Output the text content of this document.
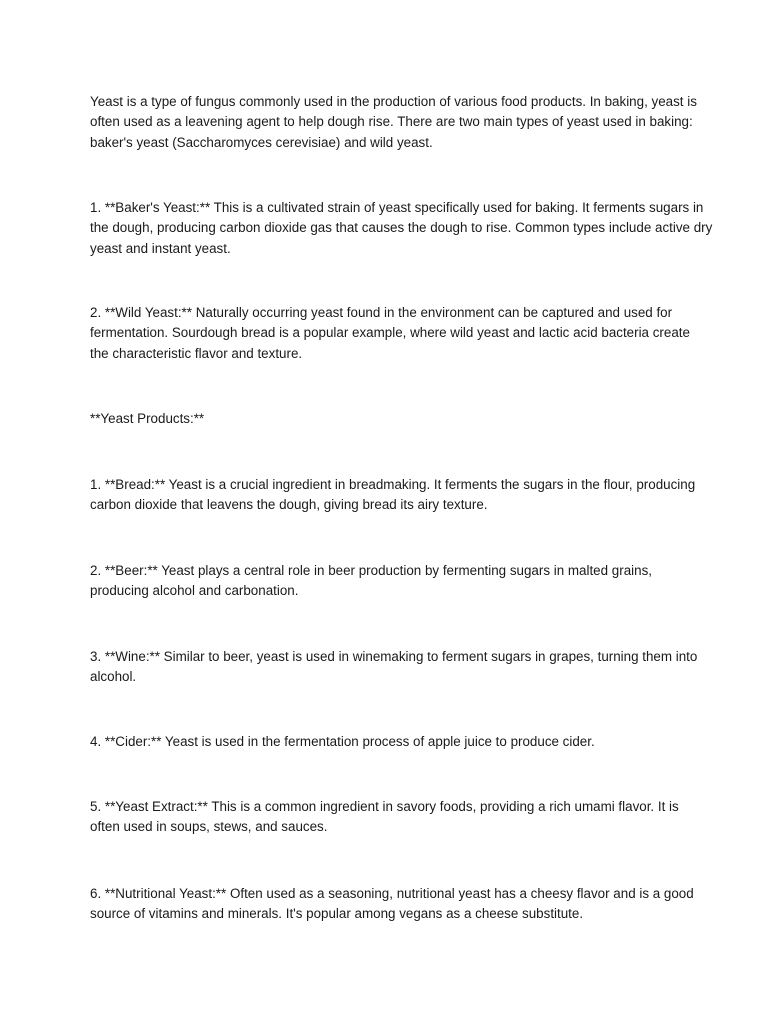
Yeast is a type of fungus commonly used in the production of various food products. In baking, yeast is
often used as a leavening agent to help dough rise. There are two main types of yeast used in baking:
baker's yeast (Saccharomyces cerevisiae) and wild yeast.

1. **Baker's Yeast:** This is a cultivated strain of yeast specifically used for baking. It ferments sugars in
the dough, producing carbon dioxide gas that causes the dough to rise. Common types include active dry
yeast and instant yeast.

2. **Wild Yeast:** Naturally occurring yeast found in the environment can be captured and used for
fermentation. Sourdough bread is a popular example, where wild yeast and lactic acid bacteria create
the characteristic flavor and texture.

**Yeast Products:**

1. **Bread:** Yeast is a crucial ingredient in breadmaking. It ferments the sugars in the flour, producing
carbon dioxide that leavens the dough, giving bread its airy texture.

2. **Beer:** Yeast plays a central role in beer production by fermenting sugars in malted grains,
producing alcohol and carbonation.

3. **Wine:** Similar to beer, yeast is used in winemaking to ferment sugars in grapes, turning them into
alcohol.

4. **Cider:** Yeast is used in the fermentation process of apple juice to produce cider.

5. **Yeast Extract:** This is a common ingredient in savory foods, providing a rich umami flavor. It is
often used in soups, stews, and sauces.

6. **Nutritional Yeast:** Often used as a seasoning, nutritional yeast has a cheesy flavor and is a good
source of vitamins and minerals. It's popular among vegans as a cheese substitute.
